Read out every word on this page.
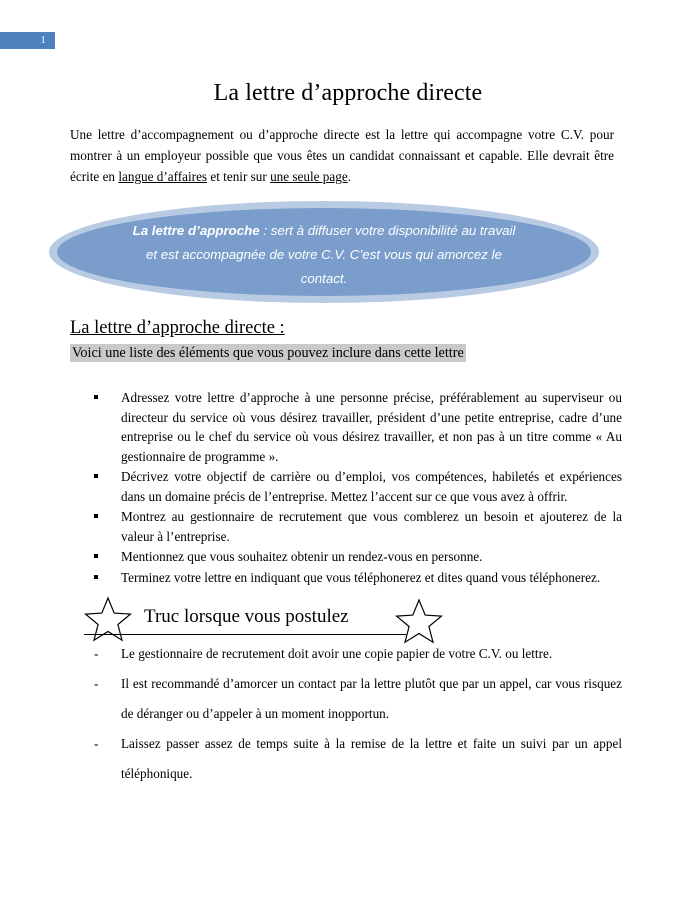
1
La lettre d’approche directe
Une lettre d’accompagnement ou d’approche directe est la lettre qui accompagne votre C.V. pour montrer à un employeur possible que vous êtes un candidat connaissant et capable. Elle devrait être écrite en langue d’affaires et tenir sur une seule page.
La lettre d’approche : sert à diffuser votre disponibilité au travail et est accompagnée de votre C.V. C’est vous qui amorcez le contact.
La lettre d’approche directe :
Voici une liste des éléments que vous pouvez inclure dans cette lettre
Adressez votre lettre d’approche à une personne précise, préférablement au superviseur ou directeur du service où vous désirez travailler, président d’une petite entreprise, cadre d’une entreprise ou le chef du service où vous désirez travailler, et non pas à un titre comme « Au gestionnaire de programme ».
Décrivez votre objectif de carrière ou d’emploi, vos compétences, habiletés et expériences dans un domaine précis de l’entreprise. Mettez l’accent sur ce que vous avez à offrir.
Montrez au gestionnaire de recrutement que vous comblerez un besoin et ajouterez de la valeur à l’entreprise.
Mentionnez que vous souhaitez obtenir un rendez-vous en personne.
Terminez votre lettre en indiquant que vous téléphonerez et dites quand vous téléphonerez.
Truc lorsque vous postulez
- Le gestionnaire de recrutement doit avoir une copie papier de votre C.V. ou lettre.
- Il est recommandé d’amorcer un contact par la lettre plutôt que par un appel, car vous risquez de déranger ou d’appeler à un moment inopportun.
- Laissez passer assez de temps suite à la remise de la lettre et faite un suivi par un appel téléphonique.
